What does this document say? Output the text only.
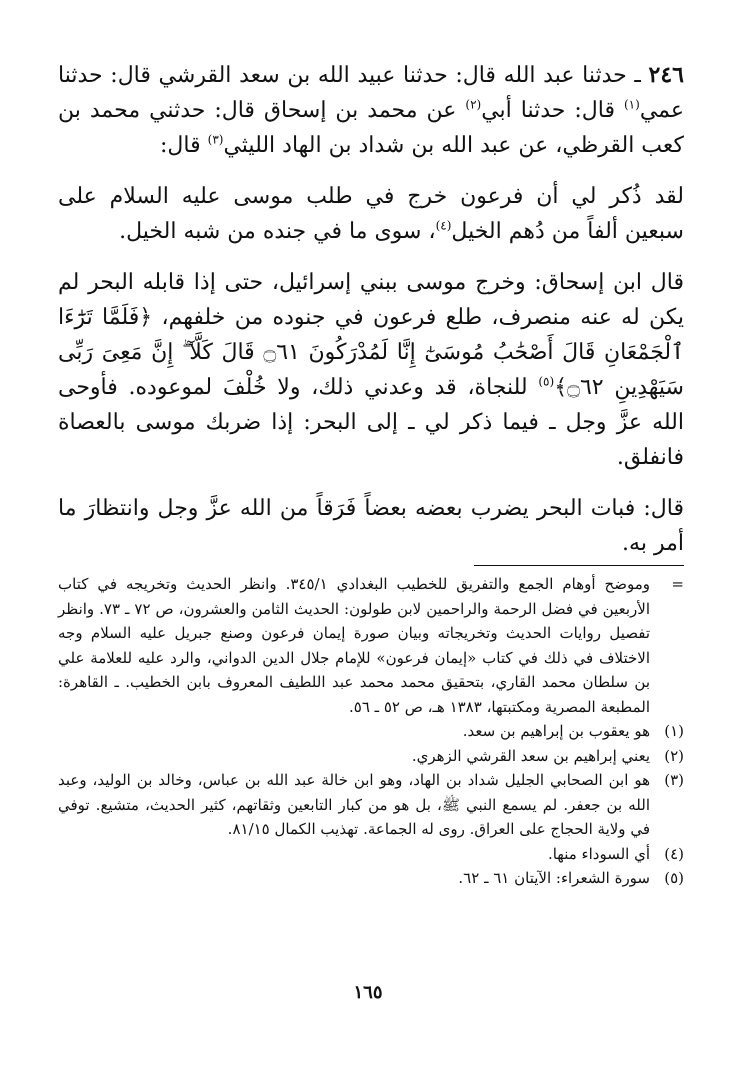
٢٤٦ ـ حدثنا عبد الله قال: حدثنا عبيد الله بن سعد القرشي قال: حدثنا عمي$^{(١)}$ قال: حدثنا أبي$^{(٢)}$ عن محمد بن إسحاق قال: حدثني محمد بن كعب القرظي، عن عبد الله بن شداد بن الهاد الليثي$^{(٣)}$ قال:

لقد ذُكر لي أن فرعون خرج في طلب موسى عليه السلام على سبعين ألفاً من دُهم الخيل$^{(٤)}$، سوى ما في جنده من شبه الخيل.

قال ابن إسحاق: وخرج موسى ببني إسرائيل، حتى إذا قابله البحر لم يكن له عنه منصرف، طلع فرعون في جنوده من خلفهم، ﴿فَلَمَّا تَرَٰٓءَا ٱلْجَمْعَانِ قَالَ أَصْحَٰبُ مُوسَىٰٓ إِنَّا لَمُدْرَكُونَ ۝٦١ قَالَ كَلَّآ ۖ إِنَّ مَعِىَ رَبِّى سَيَهْدِينِ ۝٦٢﴾$^{(٥)}$ للنجاة، قد وعدني ذلك، ولا خُلْفَ لموعوده. فأوحى الله عزَّ وجل ـ فيما ذكر لي ـ إلى البحر: إذا ضربك موسى بالعصاة فانفلق.

قال: فبات البحر يضرب بعضه بعضاً فَرَقاً من الله عزَّ وجل وانتظارَ ما أمر به.

=
وموضح أوهام الجمع والتفريق للخطيب البغدادي ٣٤٥/١. وانظر الحديث وتخريجه في كتاب الأربعين في فضل الرحمة والراحمين لابن طولون: الحديث الثامن والعشرون، ص ٧٢ ـ ٧٣. وانظر تفصيل روايات الحديث وتخريجاته وبيان صورة إيمان فرعون وصنع جبريل عليه السلام وجه الاختلاف في ذلك في كتاب «إيمان فرعون» للإمام جلال الدين الدواني، والرد عليه للعلامة علي بن سلطان محمد القاري، بتحقيق محمد محمد عبد اللطيف المعروف بابن الخطيب. ـ القاهرة: المطبعة المصرية ومكتبتها، ١٣٨٣ هـ، ص ٥٢ ـ ٥٦.

(١)
هو يعقوب بن إبراهيم بن سعد.

(٢)
يعني إبراهيم بن سعد القرشي الزهري.

(٣)
هو ابن الصحابي الجليل شداد بن الهاد، وهو ابن خالة عبد الله بن عباس، وخالد بن الوليد، وعبد الله بن جعفر. لم يسمع النبي ﷺ، بل هو من كبار التابعين وثقاتهم، كثير الحديث، متشيع. توفي في ولاية الحجاج على العراق. روى له الجماعة. تهذيب الكمال ٨١/١٥.

(٤)
أي السوداء منها.

(٥)
سورة الشعراء: الآيتان ٦١ ـ ٦٢.

١٦٥
